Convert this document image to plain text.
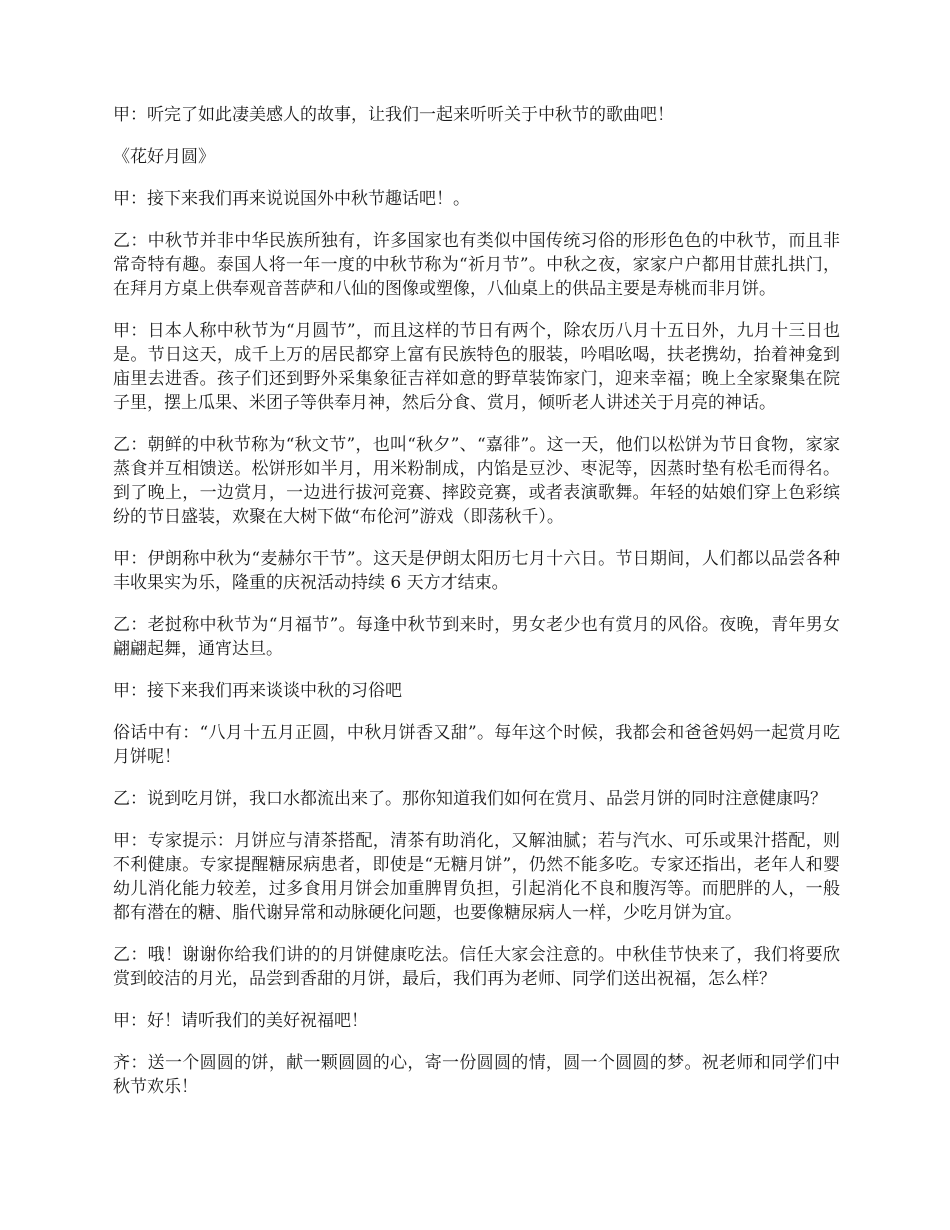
甲：听完了如此凄美感人的故事，让我们一起来听听关于中秋节的歌曲吧！

《花好月圆》

甲：接下来我们再来说说国外中秋节趣话吧！。

乙：中秋节并非中华民族所独有，许多国家也有类似中国传统习俗的形形色色的中秋节，而且非常奇特有趣。泰国人将一年一度的中秋节称为“祈月节”。中秋之夜，家家户户都用甘蔗扎拱门，在拜月方桌上供奉观音菩萨和八仙的图像或塑像，八仙桌上的供品主要是寿桃而非月饼。

甲：日本人称中秋节为“月圆节”，而且这样的节日有两个，除农历八月十五日外，九月十三日也是。节日这天，成千上万的居民都穿上富有民族特色的服装，吟唱吆喝，扶老携幼，抬着神龛到庙里去进香。孩子们还到野外采集象征吉祥如意的野草装饰家门，迎来幸福；晚上全家聚集在院子里，摆上瓜果、米团子等供奉月神，然后分食、赏月，倾听老人讲述关于月亮的神话。

乙：朝鲜的中秋节称为“秋文节”，也叫“秋夕”、“嘉徘”。这一天，他们以松饼为节日食物，家家蒸食并互相馈送。松饼形如半月，用米粉制成，内馅是豆沙、枣泥等，因蒸时垫有松毛而得名。到了晚上，一边赏月，一边进行拔河竞赛、摔跤竞赛，或者表演歌舞。年轻的姑娘们穿上色彩缤纷的节日盛装，欢聚在大树下做“布伦河”游戏（即荡秋千）。

甲：伊朗称中秋为“麦赫尔干节”。这天是伊朗太阳历七月十六日。节日期间，人们都以品尝各种丰收果实为乐，隆重的庆祝活动持续 6 天方才结束。

乙：老挝称中秋节为“月福节”。每逢中秋节到来时，男女老少也有赏月的风俗。夜晚，青年男女翩翩起舞，通宵达旦。

甲：接下来我们再来谈谈中秋的习俗吧

俗话中有：“八月十五月正圆，中秋月饼香又甜”。每年这个时候，我都会和爸爸妈妈一起赏月吃月饼呢！

乙：说到吃月饼，我口水都流出来了。那你知道我们如何在赏月、品尝月饼的同时注意健康吗？

甲：专家提示：月饼应与清茶搭配，清茶有助消化，又解油腻；若与汽水、可乐或果汁搭配，则不利健康。专家提醒糖尿病患者，即使是“无糖月饼”，仍然不能多吃。专家还指出，老年人和婴幼儿消化能力较差，过多食用月饼会加重脾胃负担，引起消化不良和腹泻等。而肥胖的人，一般都有潜在的糖、脂代谢异常和动脉硬化问题，也要像糖尿病人一样，少吃月饼为宜。

乙：哦！谢谢你给我们讲的的月饼健康吃法。信任大家会注意的。中秋佳节快来了，我们将要欣赏到皎洁的月光，品尝到香甜的月饼，最后，我们再为老师、同学们送出祝福，怎么样？

甲：好！请听我们的美好祝福吧！

齐：送一个圆圆的饼，献一颗圆圆的心，寄一份圆圆的情，圆一个圆圆的梦。祝老师和同学们中秋节欢乐！
